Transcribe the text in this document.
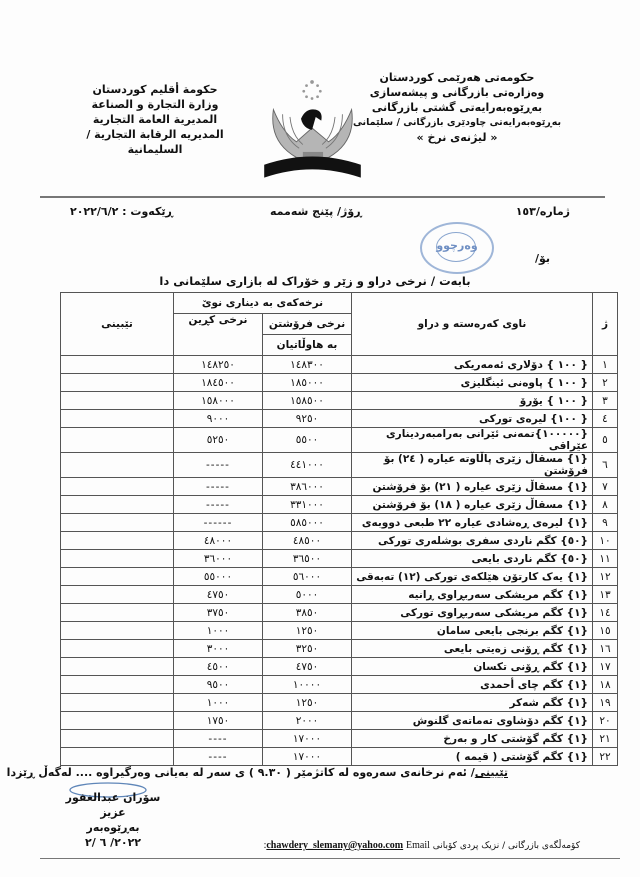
حکومەتی هەرێمی کوردستان
وەزارەتی بازرگانی و پیشەسازی
بەڕێوەبەرایەتی گشتی بازرگانی
بەڕێوەبەرایەتی چاودێری بازرگانی / سلێمانی
« لیژنەی نرخ »
حكومة أقليم كوردستان
وزارة التجارة و الصناعة
المديرية العامة التجارية
المديريه الرقابة التجارية / السليمانية
ژمارە/١٥٣
ڕۆژ/ پێنج شەممە
ڕێکەوت : ٢٠٢٢/٦/٢
وەرچوو
بۆ/
بابەت / نرخی دراو و زێر و خۆراک لە بازاری سلێمانی دا
ژ	ناوی کەرەستە و دراو	نرخەکەی بە دیناری نوێ		تێبینی
		نرخی فرۆشتن	نرخی کڕین	
		بە هاوڵاتیان		
١	{ ١٠٠ } دۆلاری ئەمەریکی	١٤٨٣٠٠	١٤٨٢٥٠	
٢	{ ١٠٠ } پاوەنی ئینگلیزی	١٨٥٠٠٠	١٨٤٥٠٠	
٣	{ ١٠٠ } یۆرۆ	١٥٨٥٠٠	١٥٨٠٠٠	
٤	{ ١٠٠} لیرەی تورکی	٩٢٥٠	٩٠٠٠	
٥	{١٠٠٠٠٠}تمەنی ئێرانی بەرامبەردیناری عێراقی	٥٥٠٠	٥٢٥٠	
٦	{١} مسقاڵ زێری پاڵاوتە عیارە ( ٢٤) بۆ فرۆشتن	٤٤١٠٠٠	-----	
٧	{١} مسقاڵ زێری عیارە ( ٢١) بۆ فرۆشتن	٣٨٦٠٠٠	-----	
٨	{١} مسقاڵ زێری عیارە ( ١٨) بۆ فرۆشتن	٣٣١٠٠٠	-----	
٩	{١} لیرەی ڕەشادی عیارە ٢٢ طبعی دووبەی	٥٨٥٠٠٠	------	
١٠	{٥٠} کگم ناردی سفری بوشلەری تورکی	٤٨٥٠٠	٤٨٠٠٠	
١١	{٥٠} کگم ناردی بایعی	٣٦٥٠٠	٣٦٠٠٠	
١٢	{١} یەک کارتۆن هێلکەی تورکی (١٢) تەبەقی	٥٦٠٠٠	٥٥٠٠٠	
١٣	{١} کگم مریشکی سەربڕاوی ڕانیە	٥٠٠٠	٤٧٥٠	
١٤	{١} کگم مریشکی سەربڕاوی تورکی	٣٨٥٠	٣٧٥٠	
١٥	{١} کگم برنجی بایعی سامان	١٢٥٠	١٠٠٠	
١٦	{١} کگم ڕۆنی زەیتی بایعی	٣٢٥٠	٣٠٠٠	
١٧	{١} کگم ڕۆنی تکسان	٤٧٥٠	٤٥٠٠	
١٨	{١} کگم چای أحمدی	١٠٠٠٠	٩٥٠٠	
١٩	{١} کگم شەکر	١٢٥٠	١٠٠٠	
٢٠	{١} کگم دۆشاوی تەماتەی گلنوش	٢٠٠٠	١٧٥٠	
٢١	{١} کگم گۆشتی کار و بەرخ	١٧٠٠٠	----	
٢٢	{١} کگم گۆشتی ( قیمە )	١٧٠٠٠	----	
تێبینی/ ئەم نرخانەی سەرەوە لە کاتژمێر ( ٩.٣٠ ) ی سەر لە بەیانی وەرگیراوە .... لەگەڵ ڕێزدا
سۆران عبدالغفور عزیز
بەڕێوەبەر
٢٠٢٢/ ٦ /٢	کۆمەڵگەی بازرگانی / نزیک پردی کۆبانی chawdery_slemany@yahoo.com Email:
